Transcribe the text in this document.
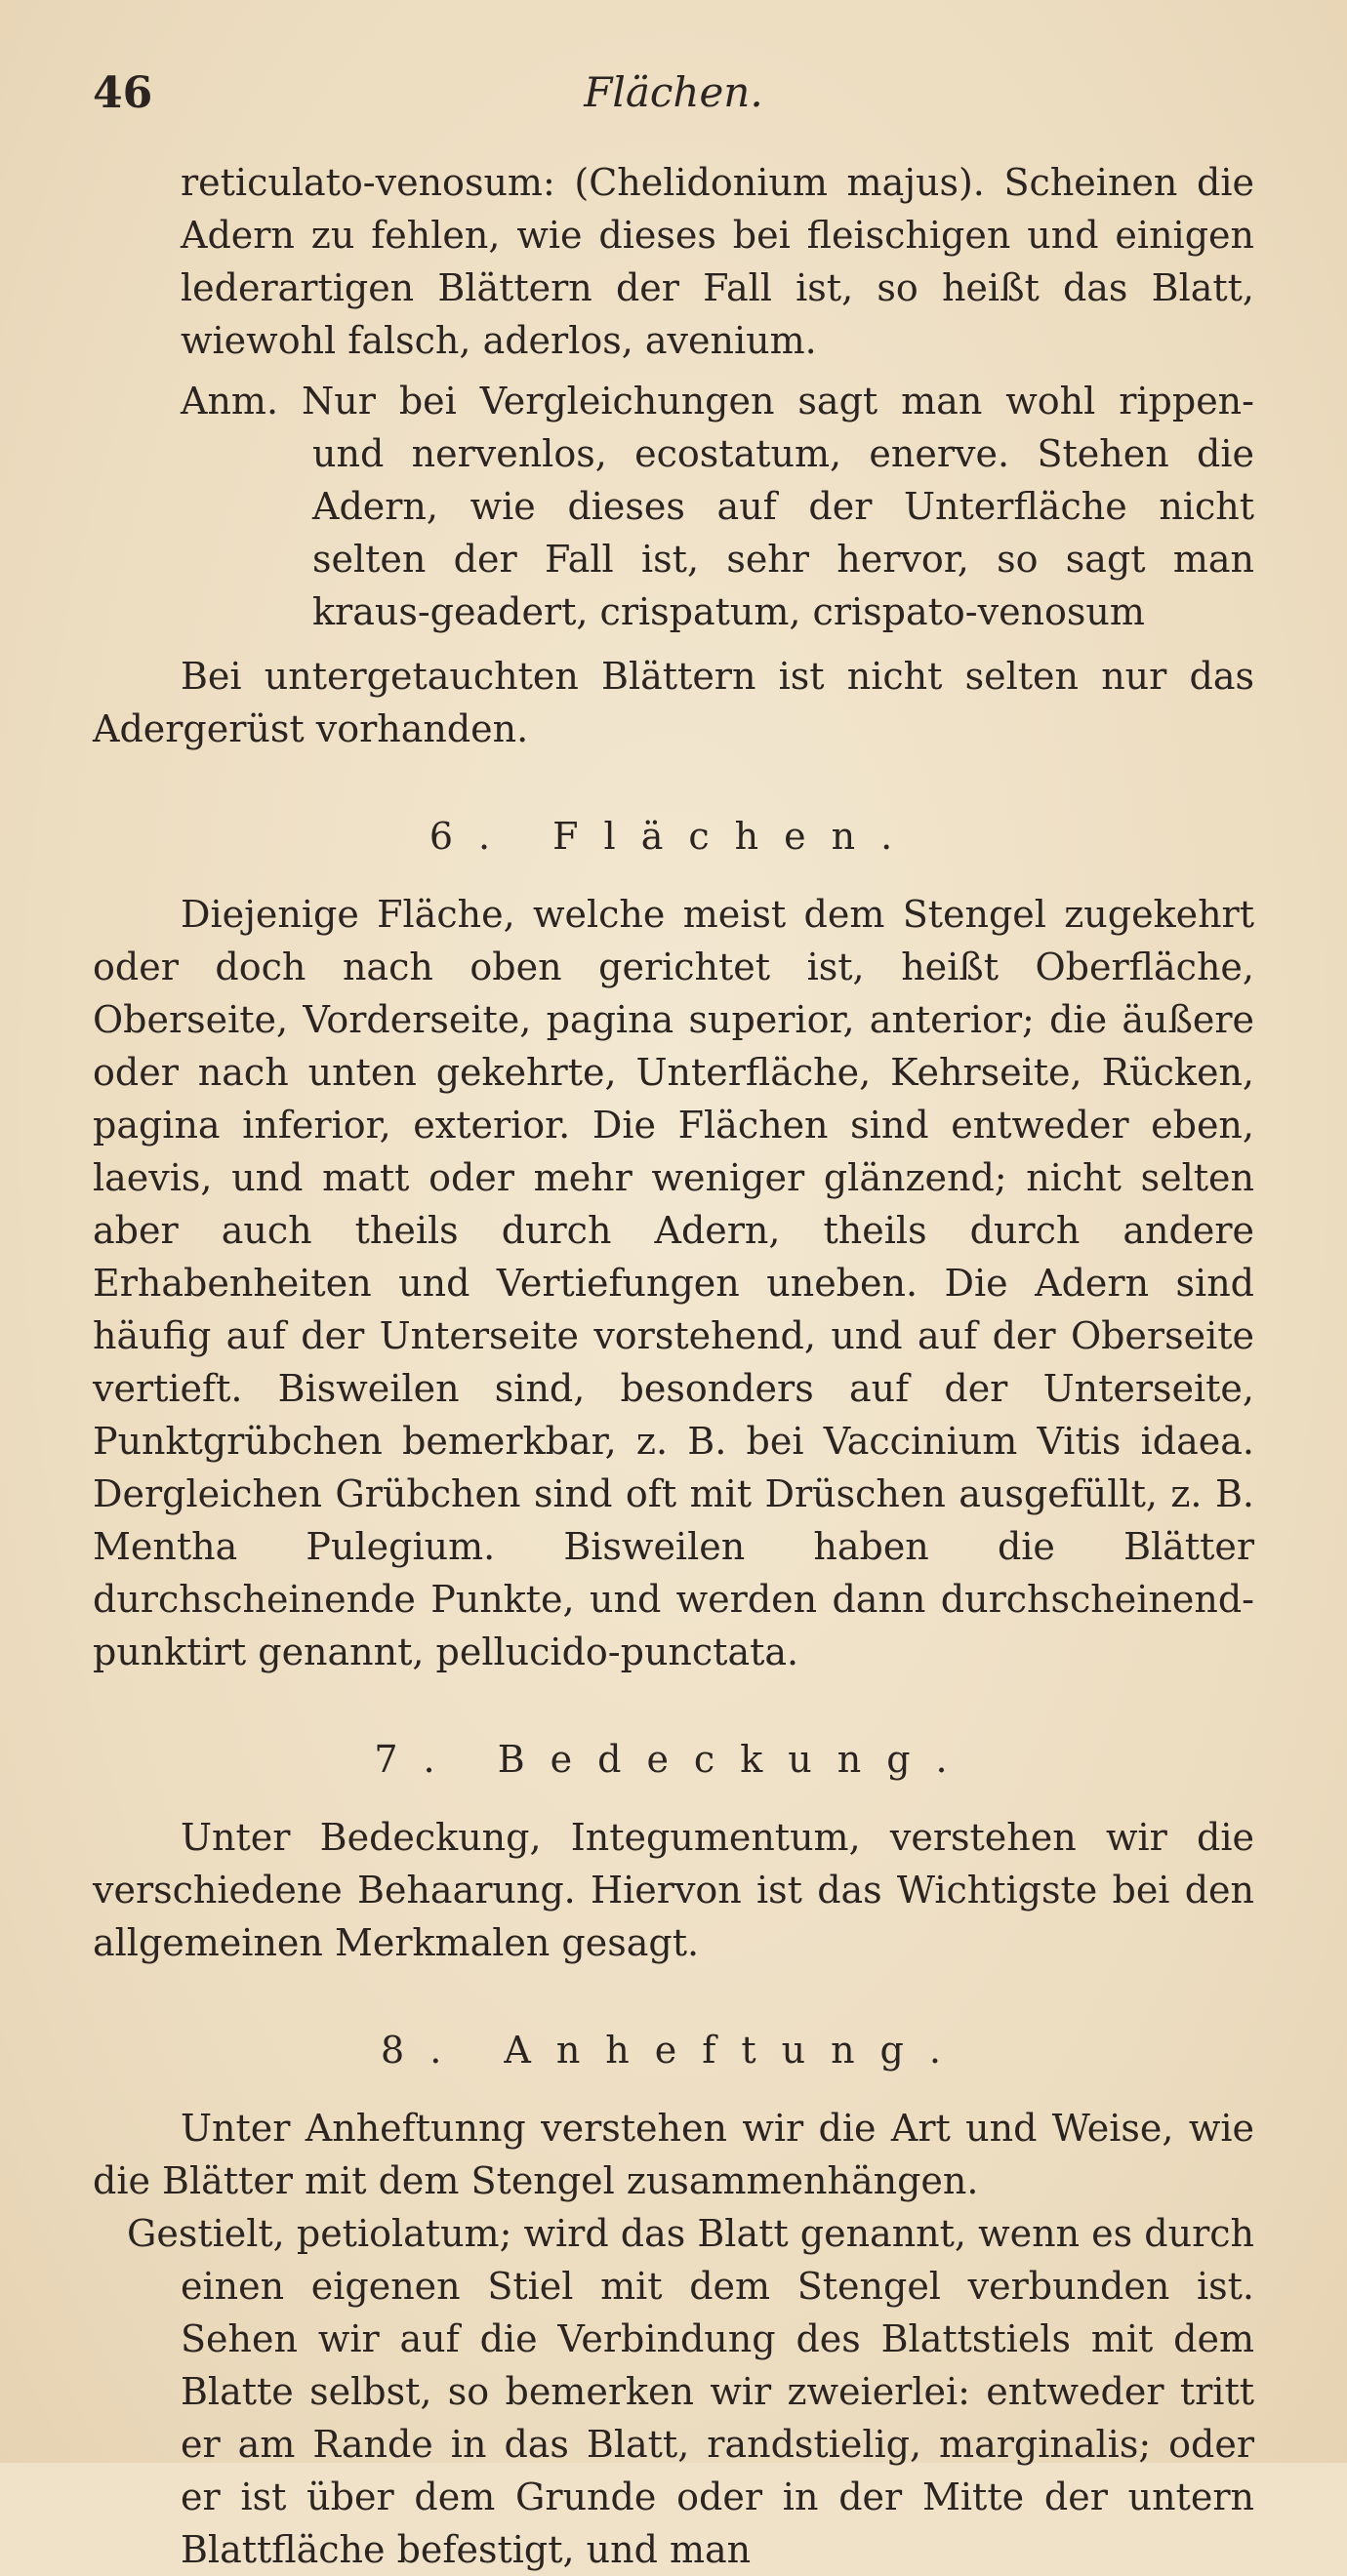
46	Flächen.

reticulato-venosum: (Chelidonium majus). Scheinen die Adern zu fehlen, wie dieses bei fleischigen und einigen lederartigen Blättern der Fall ist, so heißt das Blatt, wiewohl falsch, aderlos, avenium.

Anm. Nur bei Vergleichungen sagt man wohl rippen- und nervenlos, ecostatum, enerve. Stehen die Adern, wie dieses auf der Unterfläche nicht selten der Fall ist, sehr hervor, so sagt man kraus-geadert, crispatum, crispato-venosum

Bei untergetauchten Blättern ist nicht selten nur das Adergerüst vorhanden.

6. Flächen.

Diejenige Fläche, welche meist dem Stengel zugekehrt oder doch nach oben gerichtet ist, heißt Oberfläche, Oberseite, Vorderseite, pagina superior, anterior; die äußere oder nach unten gekehrte, Unterfläche, Kehrseite, Rücken, pagina inferior, exterior. Die Flächen sind entweder eben, laevis, und matt oder mehr weniger glänzend; nicht selten aber auch theils durch Adern, theils durch andere Erhabenheiten und Vertiefungen uneben. Die Adern sind häufig auf der Unterseite vorstehend, und auf der Oberseite vertieft. Bisweilen sind, besonders auf der Unterseite, Punktgrübchen bemerkbar, z. B. bei Vaccinium Vitis idaea. Dergleichen Grübchen sind oft mit Drüschen ausgefüllt, z. B. Mentha Pulegium. Bisweilen haben die Blätter durchscheinende Punkte, und werden dann durchscheinend-punktirt genannt, pellucido-punctata.

7. Bedeckung.

Unter Bedeckung, Integumentum, verstehen wir die verschiedene Behaarung. Hiervon ist das Wichtigste bei den allgemeinen Merkmalen gesagt.

8. Anheftung.

Unter Anheftunng verstehen wir die Art und Weise, wie die Blätter mit dem Stengel zusammenhängen.

Gestielt, petiolatum; wird das Blatt genannt, wenn es durch einen eigenen Stiel mit dem Stengel verbunden ist. Sehen wir auf die Verbindung des Blattstiels mit dem Blatte selbst, so bemerken wir zweierlei: entweder tritt er am Rande in das Blatt, randstielig, marginalis; oder er ist über dem Grunde oder in der Mitte der untern Blattfläche befestigt, und man
